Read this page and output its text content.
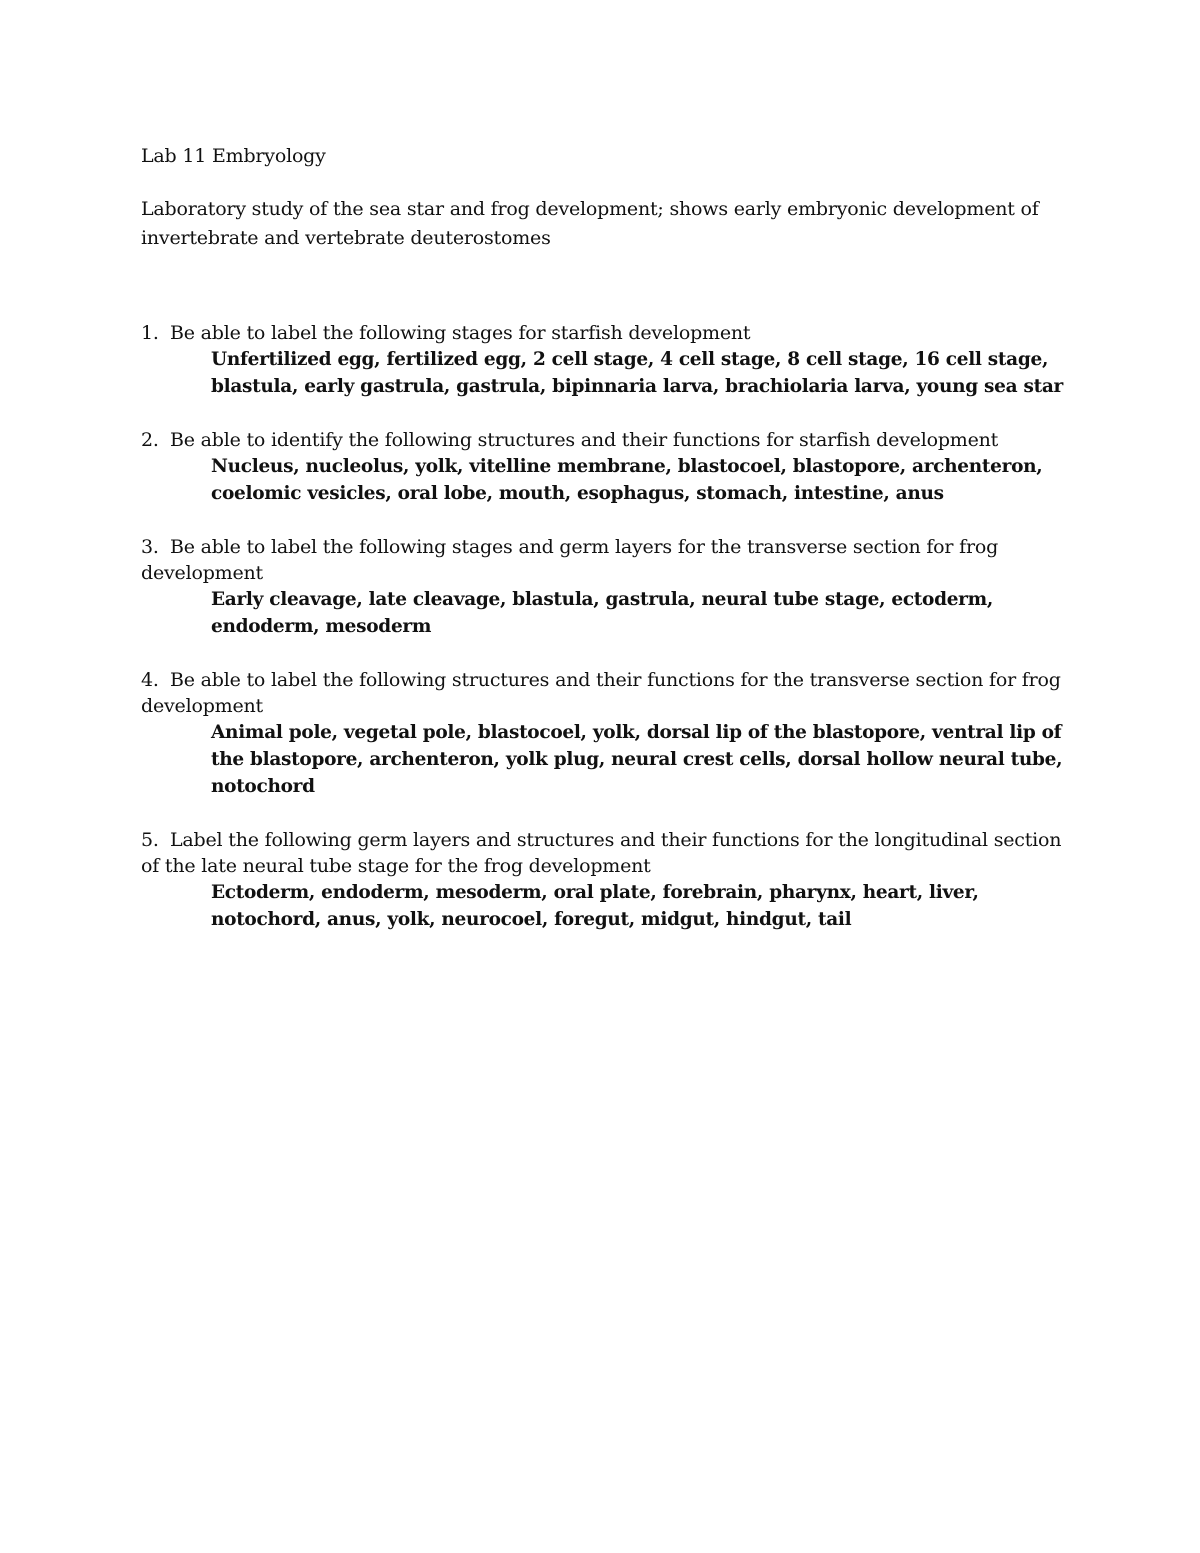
Lab 11 Embryology
Laboratory study of the sea star and frog development; shows early embryonic development of invertebrate and vertebrate deuterostomes
1. Be able to label the following stages for starfish development
Unfertilized egg, fertilized egg, 2 cell stage, 4 cell stage, 8 cell stage, 16 cell stage, blastula, early gastrula, gastrula, bipinnaria larva, brachiolaria larva, young sea star
2. Be able to identify the following structures and their functions for starfish development
Nucleus, nucleolus, yolk, vitelline membrane, blastocoel, blastopore, archenteron, coelomic vesicles, oral lobe, mouth, esophagus, stomach, intestine, anus
3. Be able to label the following stages and germ layers for the transverse section for frog development
Early cleavage, late cleavage, blastula, gastrula, neural tube stage, ectoderm, endoderm, mesoderm
4. Be able to label the following structures and their functions for the transverse section for frog development
Animal pole, vegetal pole, blastocoel, yolk, dorsal lip of the blastopore, ventral lip of the blastopore, archenteron, yolk plug, neural crest cells, dorsal hollow neural tube, notochord
5. Label the following germ layers and structures and their functions for the longitudinal section of the late neural tube stage for the frog development
Ectoderm, endoderm, mesoderm, oral plate, forebrain, pharynx, heart, liver, notochord, anus, yolk, neurocoel, foregut, midgut, hindgut, tail
